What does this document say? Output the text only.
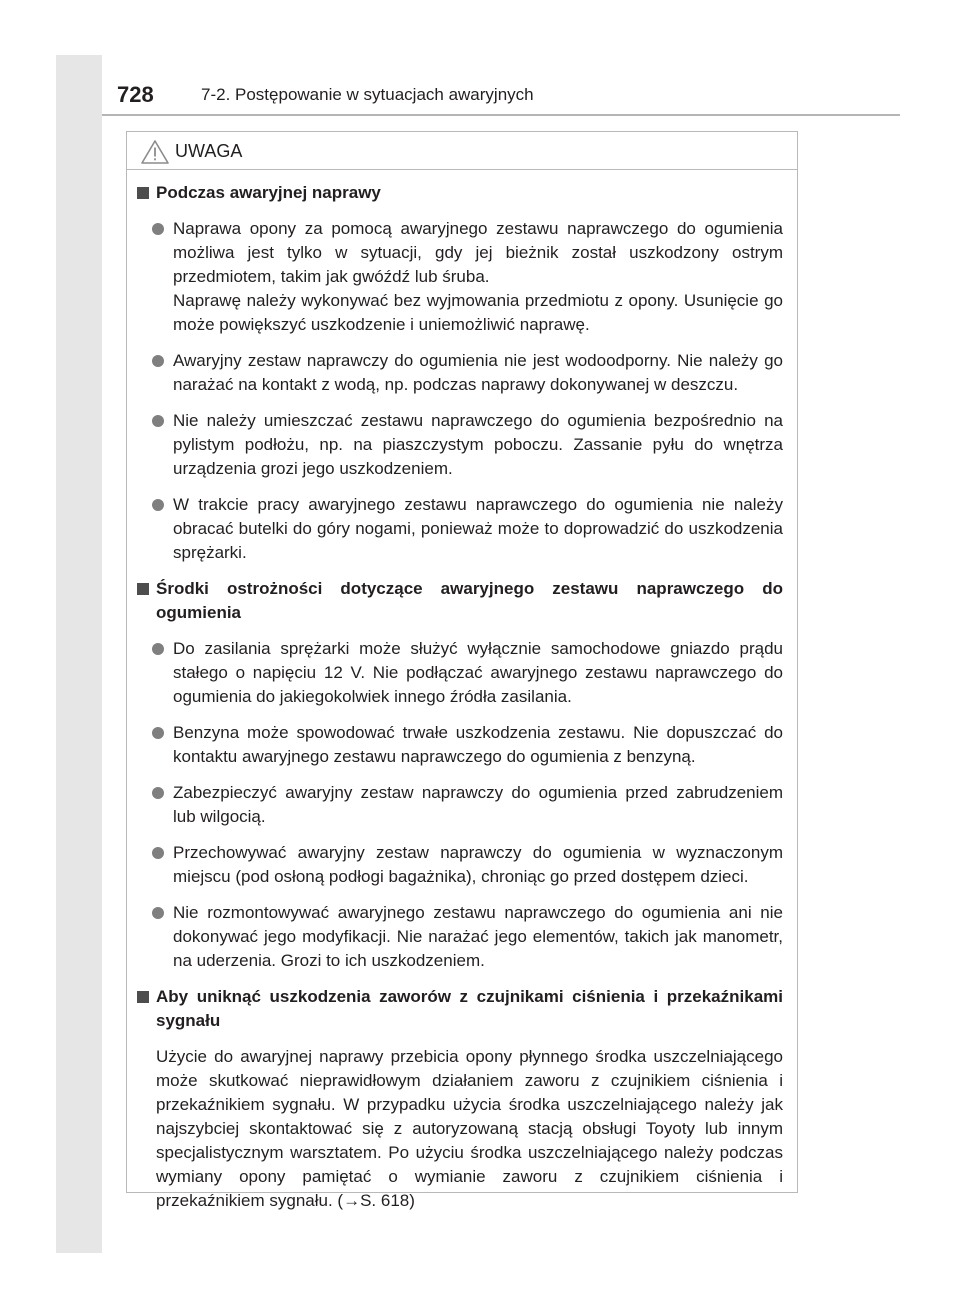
728	7-2. Postępowanie w sytuacjach awaryjnych
UWAGA
Podczas awaryjnej naprawy
Naprawa opony za pomocą awaryjnego zestawu naprawczego do ogumienia możliwa jest tylko w sytuacji, gdy jej bieżnik został uszkodzony ostrym przedmiotem, takim jak gwóźdź lub śruba.
Naprawę należy wykonywać bez wyjmowania przedmiotu z opony. Usunięcie go może powiększyć uszkodzenie i uniemożliwić naprawę.
Awaryjny zestaw naprawczy do ogumienia nie jest wodoodporny. Nie należy go narażać na kontakt z wodą, np. podczas naprawy dokonywanej w deszczu.
Nie należy umieszczać zestawu naprawczego do ogumienia bezpośrednio na pylistym podłożu, np. na piaszczystym poboczu. Zassanie pyłu do wnętrza urządzenia grozi jego uszkodzeniem.
W trakcie pracy awaryjnego zestawu naprawczego do ogumienia nie należy obracać butelki do góry nogami, ponieważ może to doprowadzić do uszkodzenia sprężarki.
Środki ostrożności dotyczące awaryjnego zestawu naprawczego do ogumienia
Do zasilania sprężarki może służyć wyłącznie samochodowe gniazdo prądu stałego o napięciu 12 V. Nie podłączać awaryjnego zestawu naprawczego do ogumienia do jakiegokolwiek innego źródła zasilania.
Benzyna może spowodować trwałe uszkodzenia zestawu. Nie dopuszczać do kontaktu awaryjnego zestawu naprawczego do ogumienia z benzyną.
Zabezpieczyć awaryjny zestaw naprawczy do ogumienia przed zabrudzeniem lub wilgocią.
Przechowywać awaryjny zestaw naprawczy do ogumienia w wyznaczonym miejscu (pod osłoną podłogi bagażnika), chroniąc go przed dostępem dzieci.
Nie rozmontowywać awaryjnego zestawu naprawczego do ogumienia ani nie dokonywać jego modyfikacji. Nie narażać jego elementów, takich jak manometr, na uderzenia. Grozi to ich uszkodzeniem.
Aby uniknąć uszkodzenia zaworów z czujnikami ciśnienia i przekaźnikami sygnału
Użycie do awaryjnej naprawy przebicia opony płynnego środka uszczelniającego może skutkować nieprawidłowym działaniem zaworu z czujnikiem ciśnienia i przekaźnikiem sygnału. W przypadku użycia środka uszczelniającego należy jak najszybciej skontaktować się z autoryzowaną stacją obsługi Toyoty lub innym specjalistycznym warsztatem. Po użyciu środka uszczelniającego należy podczas wymiany opony pamiętać o wymianie zaworu z czujnikiem ciśnienia i przekaźnikiem sygnału. (→S. 618)
